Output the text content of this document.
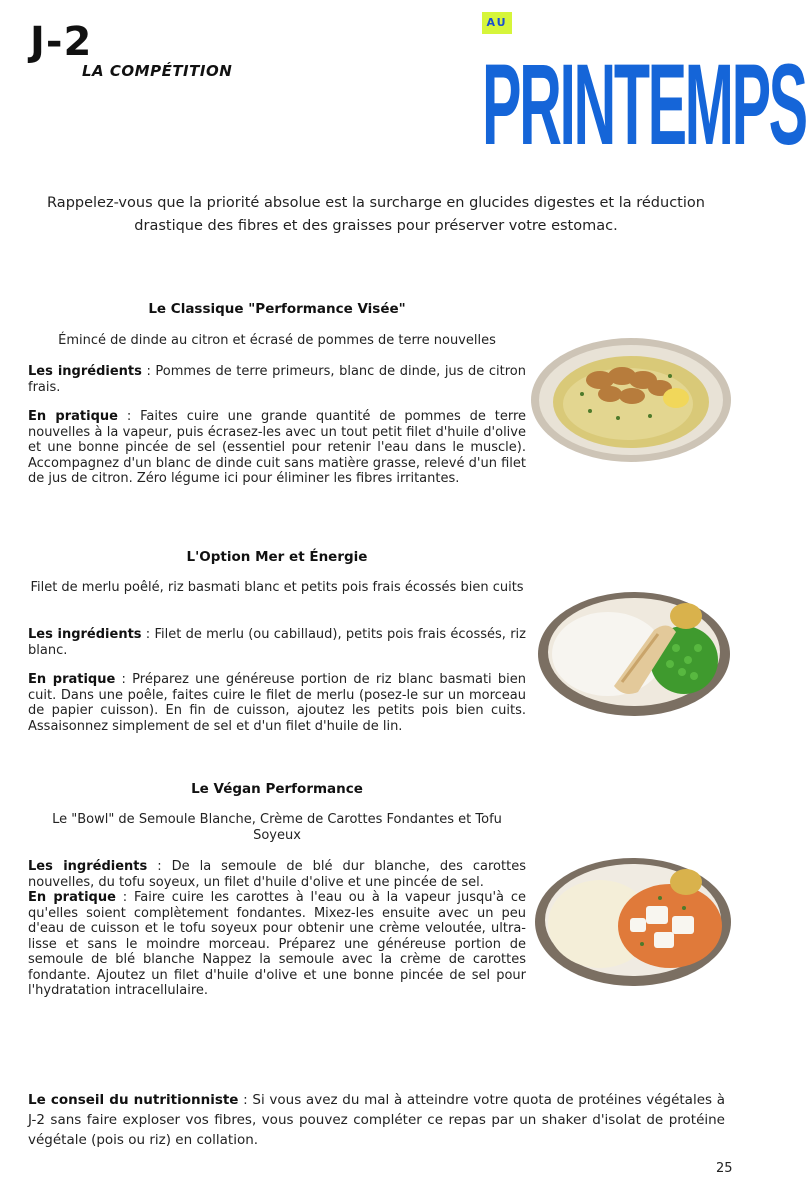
J-2
LA COMPÉTITION
AU
PRINTEMPS
Rappelez-vous que la priorité absolue est la surcharge en glucides digestes et la réduction drastique des fibres et des graisses pour préserver votre estomac.
Le Classique "Performance Visée"
Émincé de dinde au citron et écrasé de pommes de terre nouvelles
Les ingrédients : Pommes de terre primeurs, blanc de dinde, jus de citron frais.
En pratique : Faites cuire une grande quantité de pommes de terre nouvelles à la vapeur, puis écrasez-les avec un tout petit filet d'huile d'olive et une bonne pincée de sel (essentiel pour retenir l'eau dans le muscle). Accompagnez d'un blanc de dinde cuit sans matière grasse, relevé d'un filet de jus de citron. Zéro légume ici pour éliminer les fibres irritantes.
L'Option Mer et Énergie
Filet de merlu poêlé, riz basmati blanc et petits pois frais écossés bien cuits
Les ingrédients : Filet de merlu (ou cabillaud), petits pois frais écossés, riz blanc.
En pratique : Préparez une généreuse portion de riz blanc basmati bien cuit. Dans une poêle, faites cuire le filet de merlu (posez-le sur un morceau de papier cuisson). En fin de cuisson, ajoutez les petits pois bien cuits. Assaisonnez simplement de sel et d'un filet d'huile de lin.
Le Végan Performance
Le "Bowl" de Semoule Blanche, Crème de Carottes Fondantes et Tofu Soyeux
Les ingrédients : De la semoule de blé dur blanche, des carottes nouvelles, du tofu soyeux, un filet d'huile d'olive et une pincée de sel.
En pratique : Faire cuire les carottes à l'eau ou à la vapeur jusqu'à ce qu'elles soient complètement fondantes. Mixez-les ensuite avec un peu d'eau de cuisson et le tofu soyeux pour obtenir une crème veloutée, ultra-lisse et sans le moindre morceau. Préparez une généreuse portion de semoule de blé blanche Nappez la semoule avec la crème de carottes fondante. Ajoutez un filet d'huile d'olive et une bonne pincée de sel pour l'hydratation intracellulaire.
Le conseil du nutritionniste : Si vous avez du mal à atteindre votre quota de protéines végétales à J-2 sans faire exploser vos fibres, vous pouvez compléter ce repas par un shaker d'isolat de protéine végétale (pois ou riz) en collation.
25
